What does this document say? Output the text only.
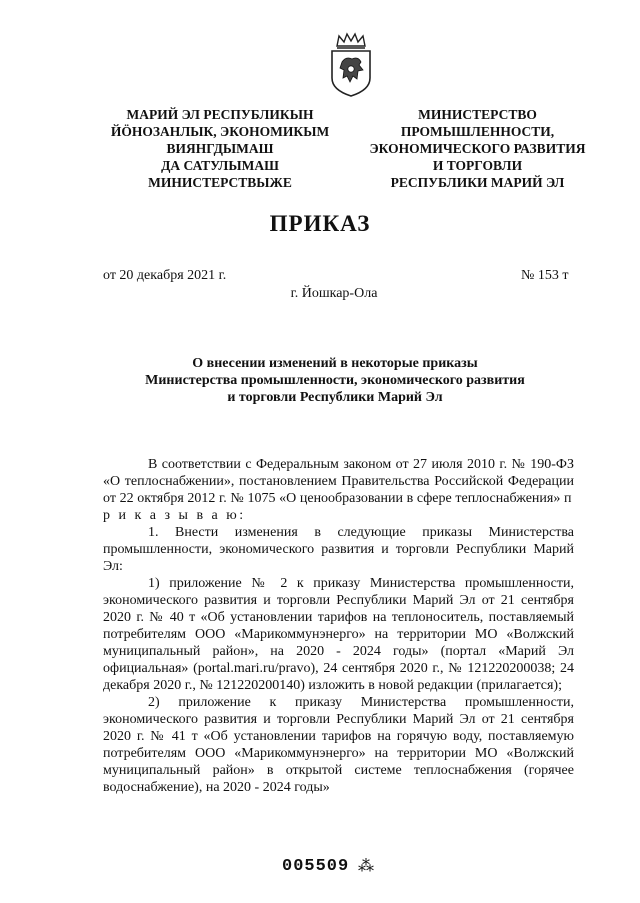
МАРИЙ ЭЛ РЕСПУБЛИКЫН
ЙӦНОЗАНЛЫК, ЭКОНОМИКЫМ
ВИЯНГДЫМАШ
ДА САТУЛЫМАШ
МИНИСТЕРСТВЫЖЕ
МИНИСТЕРСТВО
ПРОМЫШЛЕННОСТИ,
ЭКОНОМИЧЕСКОГО РАЗВИТИЯ
И ТОРГОВЛИ
РЕСПУБЛИКИ МАРИЙ ЭЛ
ПРИКАЗ
от 20 декабря 2021 г.	№ 153 т
г. Йошкар-Ола
О внесении изменений в некоторые приказы
Министерства промышленности, экономического развития
и торговли Республики Марий Эл

В соответствии с Федеральным законом от 27 июля 2010 г. № 190-ФЗ «О теплоснабжении», постановлением Правительства Российской Федерации от 22 октября 2012 г. № 1075 «О ценообразовании в сфере теплоснабжения» п р и к а з ы в а ю:

1. Внести изменения в следующие приказы Министерства промышленности, экономического развития и торговли Республики Марий Эл:

1) приложение № 2 к приказу Министерства промышленности, экономического развития и торговли Республики Марий Эл от 21 сентября 2020 г. № 40 т «Об установлении тарифов на теплоноситель, поставляемый потребителям ООО «Марикоммунэнерго» на территории МО «Волжский муниципальный район», на 2020 - 2024 годы» (портал «Марий Эл официальная» (portal.mari.ru/pravo), 24 сентября 2020 г., № 121220200038; 24 декабря 2020 г., № 121220200140) изложить в новой редакции (прилагается);

2) приложение к приказу Министерства промышленности, экономического развития и торговли Республики Марий Эл от 21 сентября 2020 г. № 41 т «Об установлении тарифов на горячую воду, поставляемую потребителям ООО «Марикоммунэнерго» на территории МО «Волжский муниципальный район» в открытой системе теплоснабжения (горячее водоснабжение), на 2020 - 2024 годы»

005509 ⁂
